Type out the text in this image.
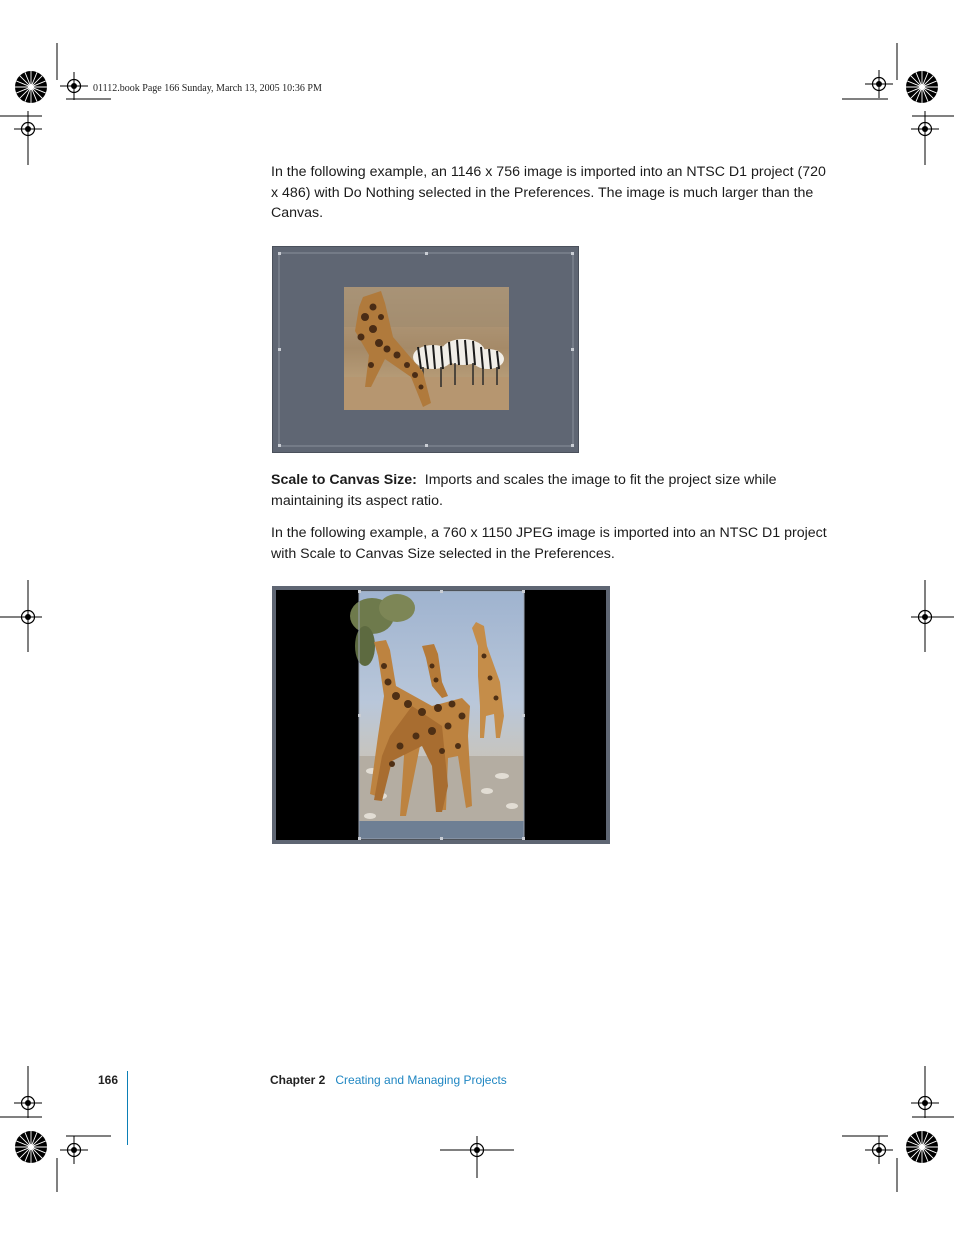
01112.book Page 166 Sunday, March 13, 2005 10:36 PM

In the following example, an 1146 x 756 image is imported into an NTSC D1 project (720 x 486) with Do Nothing selected in the Preferences. The image is much larger than the Canvas.

Scale to Canvas Size: Imports and scales the image to fit the project size while maintaining its aspect ratio.

In the following example, a 760 x 1150 JPEG image is imported into an NTSC D1 project with Scale to Canvas Size selected in the Preferences.

166	Chapter 2 Creating and Managing Projects
